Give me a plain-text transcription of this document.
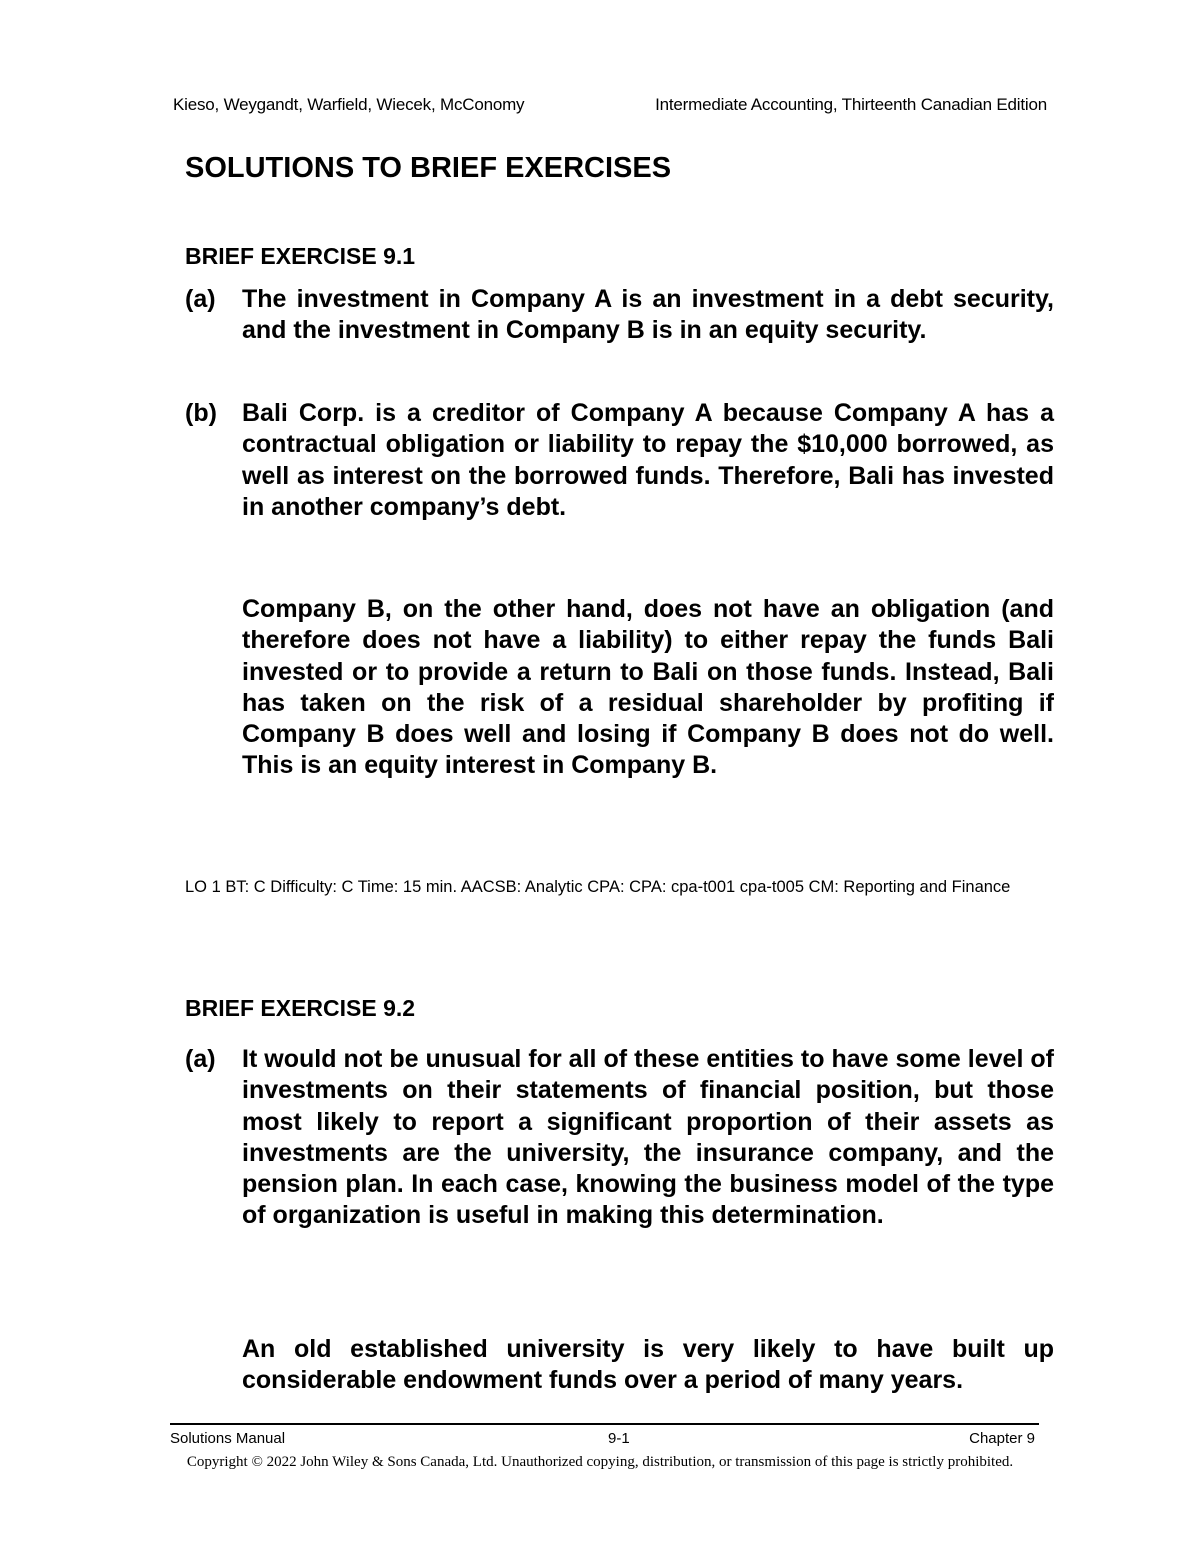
Kieso, Weygandt, Warfield, Wiecek, McConomy	Intermediate Accounting, Thirteenth Canadian Edition
SOLUTIONS TO BRIEF EXERCISES
BRIEF EXERCISE 9.1
(a) The investment in Company A is an investment in a debt security, and the investment in Company B is in an equity security.
(b) Bali Corp. is a creditor of Company A because Company A has a contractual obligation or liability to repay the $10,000 borrowed, as well as interest on the borrowed funds. Therefore, Bali has invested in another company’s debt.
Company B, on the other hand, does not have an obligation (and therefore does not have a liability) to either repay the funds Bali invested or to provide a return to Bali on those funds. Instead, Bali has taken on the risk of a residual shareholder by profiting if Company B does well and losing if Company B does not do well. This is an equity interest in Company B.
LO 1 BT: C Difficulty: C Time: 15 min. AACSB: Analytic CPA: CPA: cpa-t001 cpa-t005 CM: Reporting and Finance
BRIEF EXERCISE 9.2
(a) It would not be unusual for all of these entities to have some level of investments on their statements of financial position, but those most likely to report a significant proportion of their assets as investments are the university, the insurance company, and the pension plan. In each case, knowing the business model of the type of organization is useful in making this determination.
An old established university is very likely to have built up considerable endowment funds over a period of many years.
Solutions Manual	9-1	Chapter 9
Copyright © 2022 John Wiley & Sons Canada, Ltd. Unauthorized copying, distribution, or transmission of this page is strictly prohibited.
